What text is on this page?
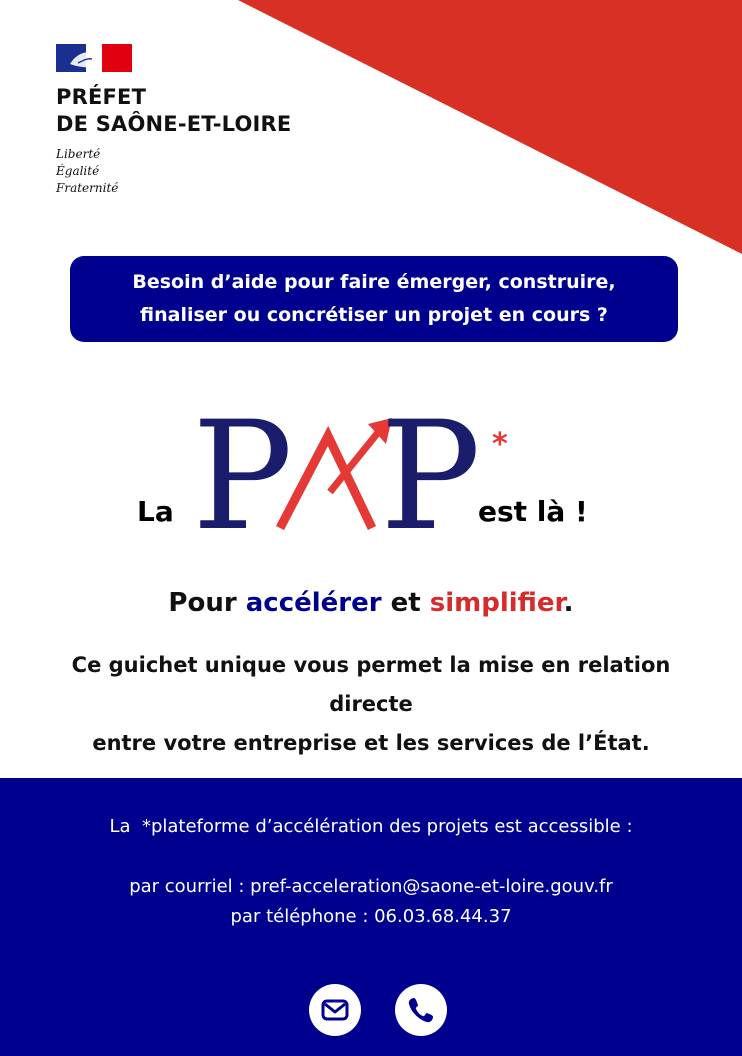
PRÉFET
DE SAÔNE-ET-LOIRE
Liberté
Égalité
Fraternité
Besoin d’aide pour faire émerger, construire,
finaliser ou concrétiser un projet en cours ?
La P P *
est là !
Pour accélérer et simplifier.
Ce guichet unique vous permet la mise en relation
directe
entre votre entreprise et les services de l’État.
La  *plateforme d’accélération des projets est accessible :
par courriel : pref-acceleration@saone-et-loire.gouv.fr
par téléphone : 06.03.68.44.37
